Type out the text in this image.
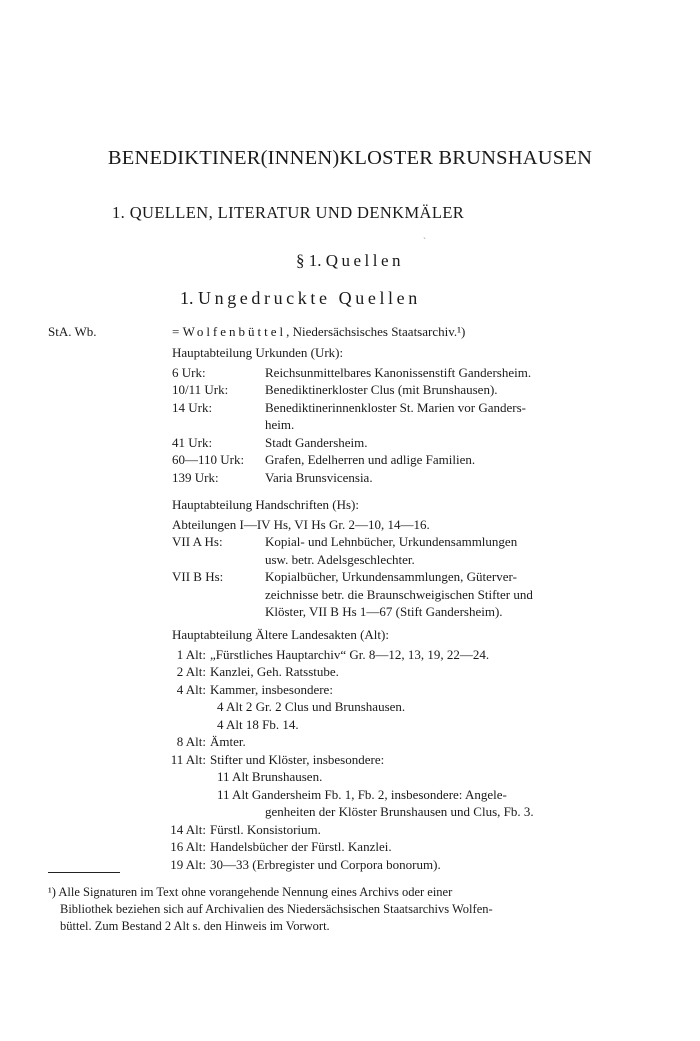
BENEDIKTINER(INNEN)KLOSTER BRUNSHAUSEN
1. QUELLEN, LITERATUR UND DENKMÄLER
ˋ
§ 1. Quellen
1. Ungedruckte Quellen
StA. Wb.	= Wolfenbüttel, Niedersächsisches Staatsarchiv.¹)
Hauptabteilung Urkunden (Urk):
6 Urk:	Reichsunmittelbares Kanonissenstift Gandersheim.
10/11 Urk:	Benediktinerkloster Clus (mit Brunshausen).
14 Urk:	Benediktinerinnenkloster St. Marien vor Ganders-
heim.
41 Urk:	Stadt Gandersheim.
60—110 Urk: Grafen, Edelherren und adlige Familien.
139 Urk:	Varia Brunsvicensia.
Hauptabteilung Handschriften (Hs):
Abteilungen I—IV Hs, VI Hs Gr. 2—10, 14—16.
VII A Hs:	Kopial- und Lehnbücher, Urkundensammlungen
usw. betr. Adelsgeschlechter.
VII B Hs:	Kopialbücher, Urkundensammlungen, Güterver-
zeichnisse betr. die Braunschweigischen Stifter und
Klöster, VII B Hs 1—67 (Stift Gandersheim).
Hauptabteilung Ältere Landesakten (Alt):
1 Alt: „Fürstliches Hauptarchiv“ Gr. 8—12, 13, 19, 22—24.
2 Alt: Kanzlei, Geh. Ratsstube.
4 Alt: Kammer, insbesondere:
4 Alt 2 Gr. 2 Clus und Brunshausen.
4 Alt 18 Fb. 14.
8 Alt: Ämter.
11 Alt: Stifter und Klöster, insbesondere:
11 Alt Brunshausen.
11 Alt Gandersheim Fb. 1, Fb. 2, insbesondere: Angele-
genheiten der Klöster Brunshausen und Clus, Fb. 3.
14 Alt: Fürstl. Konsistorium.
16 Alt: Handelsbücher der Fürstl. Kanzlei.
19 Alt: 30—33 (Erbregister und Corpora bonorum).
¹) Alle Signaturen im Text ohne vorangehende Nennung eines Archivs oder einer
Bibliothek beziehen sich auf Archivalien des Niedersächsischen Staatsarchivs Wolfen-
büttel. Zum Bestand 2 Alt s. den Hinweis im Vorwort.
